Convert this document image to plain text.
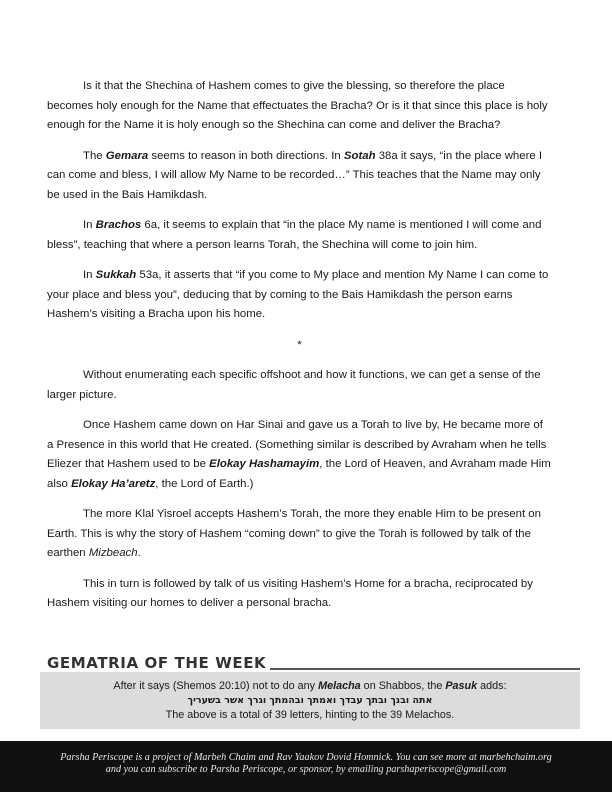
Is it that the Shechina of Hashem comes to give the blessing, so therefore the place becomes holy enough for the Name that effectuates the Bracha? Or is it that since this place is holy enough for the Name it is holy enough so the Shechina can come and deliver the Bracha?

The Gemara seems to reason in both directions. In Sotah 38a it says, “in the place where I can come and bless, I will allow My Name to be recorded…” This teaches that the Name may only be used in the Bais Hamikdash.

In Brachos 6a, it seems to explain that “in the place My name is mentioned I will come and bless”, teaching that where a person learns Torah, the Shechina will come to join him.

In Sukkah 53a, it asserts that “if you come to My place and mention My Name I can come to your place and bless you”, deducing that by coming to the Bais Hamikdash the person earns Hashem’s visiting a Bracha upon his home.

*

Without enumerating each specific offshoot and how it functions, we can get a sense of the larger picture.

Once Hashem came down on Har Sinai and gave us a Torah to live by, He became more of a Presence in this world that He created. (Something similar is described by Avraham when he tells Eliezer that Hashem used to be Elokay Hashamayim, the Lord of Heaven, and Avraham made Him also Elokay Ha’aretz, the Lord of Earth.)

The more Klal Yisroel accepts Hashem’s Torah, the more they enable Him to be present on Earth. This is why the story of Hashem “coming down” to give the Torah is followed by talk of the earthen Mizbeach.

This in turn is followed by talk of us visiting Hashem’s Home for a bracha, reciprocated by Hashem visiting our homes to deliver a personal bracha.

GEMATRIA OF THE WEEK
After it says (Shemos 20:10) not to do any Melacha on Shabbos, the Pasuk adds:
אתה ובנך ובתך עבדך ואמתך ובהמתך וגרך אשר בשעריך
The above is a total of 39 letters, hinting to the 39 Melachos.
Parsha Periscope is a project of Marbeh Chaim and Rav Yaakov Dovid Homnick. You can see more at marbehchaim.org
and you can subscribe to Parsha Periscope, or sponsor, by emailing parshaperiscope@gmail.com
